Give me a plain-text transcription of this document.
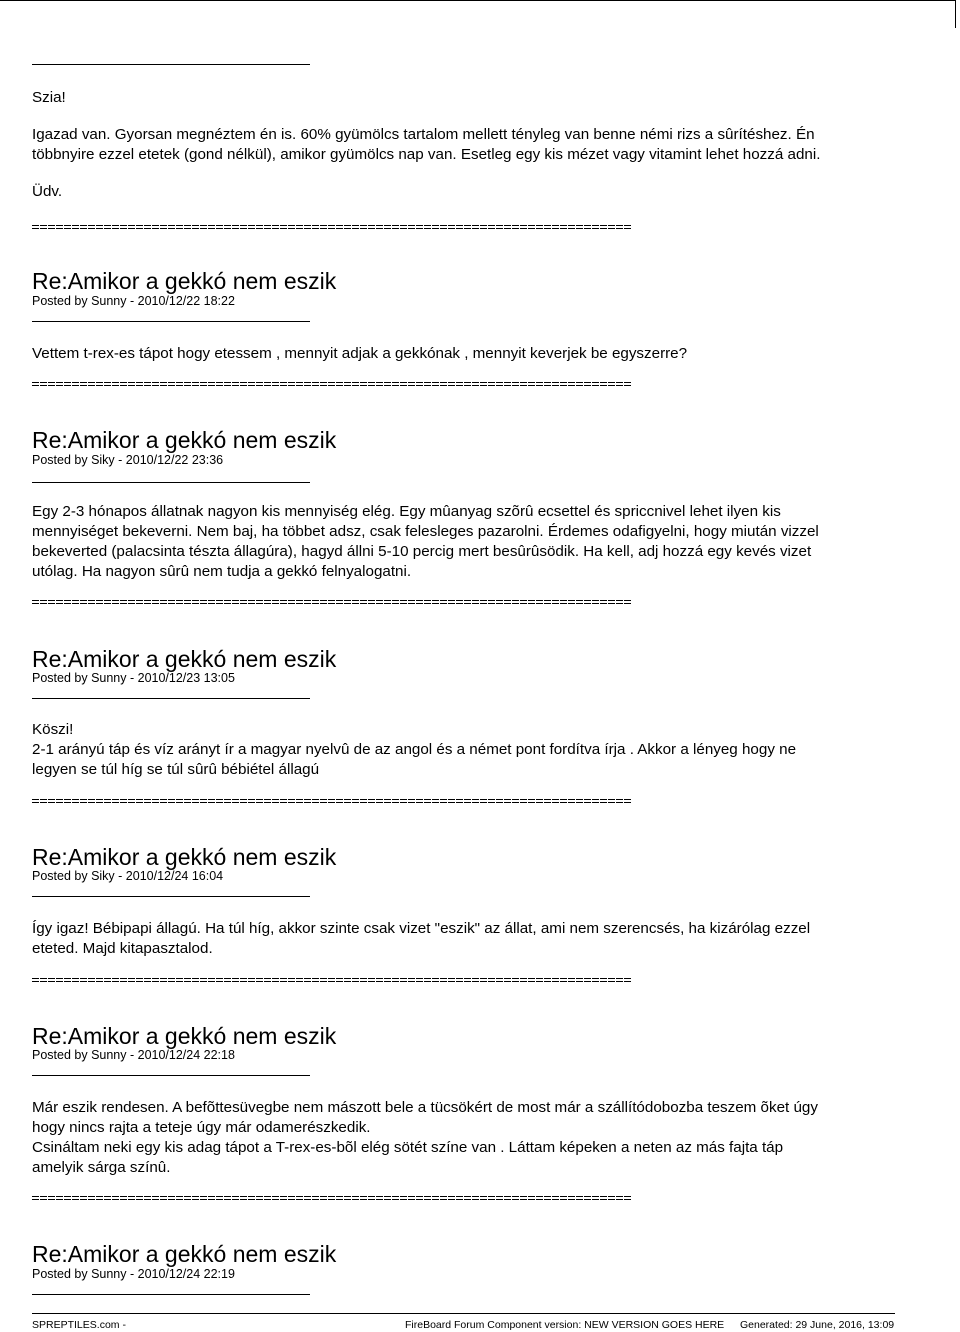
Szia!

Igazad van. Gyorsan megnéztem én is. 60% gyümölcs tartalom mellett tényleg van benne némi rizs a sûrítéshez. Én

többnyire ezzel etetek (gond nélkül), amikor gyümölcs nap van. Esetleg egy kis mézet vagy vitamint lehet hozzá adni.

Üdv.

Re:Amikor a gekkó nem eszik
Posted by Sunny - 2010/12/22 18:22

Vettem t-rex-es tápot hogy etessem , mennyit adjak a gekkónak , mennyit keverjek be egyszerre?

Re:Amikor a gekkó nem eszik
Posted by Siky - 2010/12/22 23:36

Egy 2-3 hónapos állatnak nagyon kis mennyiség elég. Egy mûanyag szõrû ecsettel és spriccnivel lehet ilyen kis

mennyiséget bekeverni. Nem baj, ha többet adsz, csak felesleges pazarolni. Érdemes odafigyelni, hogy miután vizzel

bekeverted (palacsinta tészta állagúra), hagyd állni 5-10 percig mert besûrûsödik. Ha kell, adj hozzá egy kevés vizet

utólag. Ha nagyon sûrû nem tudja a gekkó felnyalogatni.

Re:Amikor a gekkó nem eszik
Posted by Sunny - 2010/12/23 13:05

Köszi!

2-1 arányú táp és víz arányt ír a magyar nyelvû de az angol és a német pont fordítva írja . Akkor a lényeg hogy ne

legyen se túl híg se túl sûrû bébiétel állagú

Re:Amikor a gekkó nem eszik
Posted by Siky - 2010/12/24 16:04

Így igaz! Bébipapi állagú. Ha túl híg, akkor szinte csak vizet "eszik" az állat, ami nem szerencsés, ha kizárólag ezzel

eteted. Majd kitapasztalod.

Re:Amikor a gekkó nem eszik
Posted by Sunny - 2010/12/24 22:18

Már eszik rendesen. A befõttesüvegbe nem mászott bele a tücsökért de most már a szállítódobozba teszem õket úgy

hogy nincs rajta a teteje úgy már odamerészkedik.

Csináltam neki egy kis adag tápot a T-rex-es-bõl elég sötét színe van . Láttam képeken a neten az más fajta táp

amelyik sárga színû.

Re:Amikor a gekkó nem eszik
Posted by Sunny - 2010/12/24 22:19
SPREPTILES.com -	FireBoard Forum Component version: NEW VERSION GOES HERE Generated: 29 June, 2016, 13:09
